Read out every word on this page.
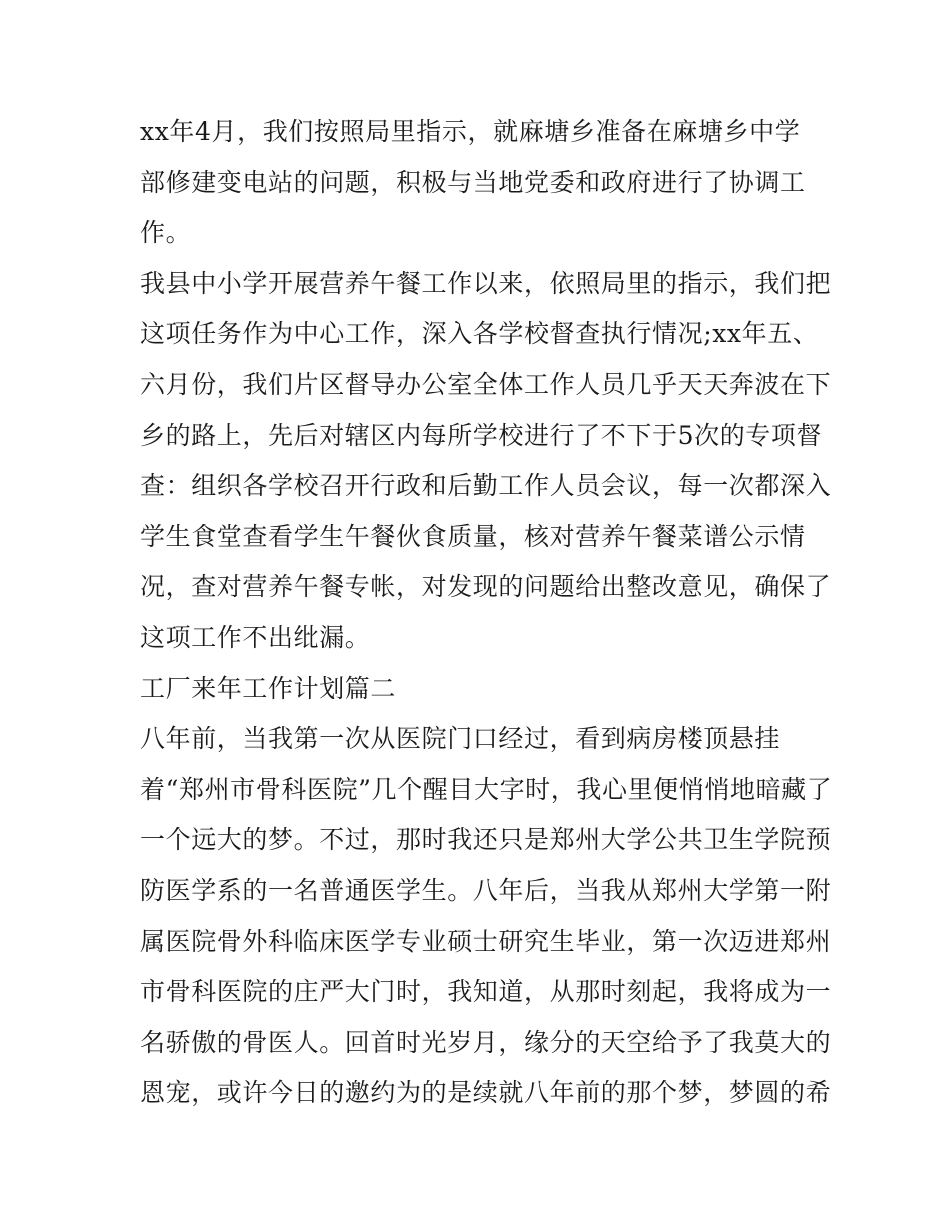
xx年4月，我们按照局里指示，就麻塘乡准备在麻塘乡中学
部修建变电站的问题，积极与当地党委和政府进行了协调工
作。
我县中小学开展营养午餐工作以来，依照局里的指示，我们把
这项任务作为中心工作，深入各学校督查执行情况;xx年五、
六月份，我们片区督导办公室全体工作人员几乎天天奔波在下
乡的路上，先后对辖区内每所学校进行了不下于5次的专项督
查：组织各学校召开行政和后勤工作人员会议，每一次都深入
学生食堂查看学生午餐伙食质量，核对营养午餐菜谱公示情
况，查对营养午餐专帐，对发现的问题给出整改意见，确保了
这项工作不出纰漏。
工厂来年工作计划篇二
八年前，当我第一次从医院门口经过，看到病房楼顶悬挂
着“郑州市骨科医院”几个醒目大字时，我心里便悄悄地暗藏了
一个远大的梦。不过，那时我还只是郑州大学公共卫生学院预
防医学系的一名普通医学生。八年后，当我从郑州大学第一附
属医院骨外科临床医学专业硕士研究生毕业，第一次迈进郑州
市骨科医院的庄严大门时，我知道，从那时刻起，我将成为一
名骄傲的骨医人。回首时光岁月，缘分的天空给予了我莫大的
恩宠，或许今日的邀约为的是续就八年前的那个梦，梦圆的希
